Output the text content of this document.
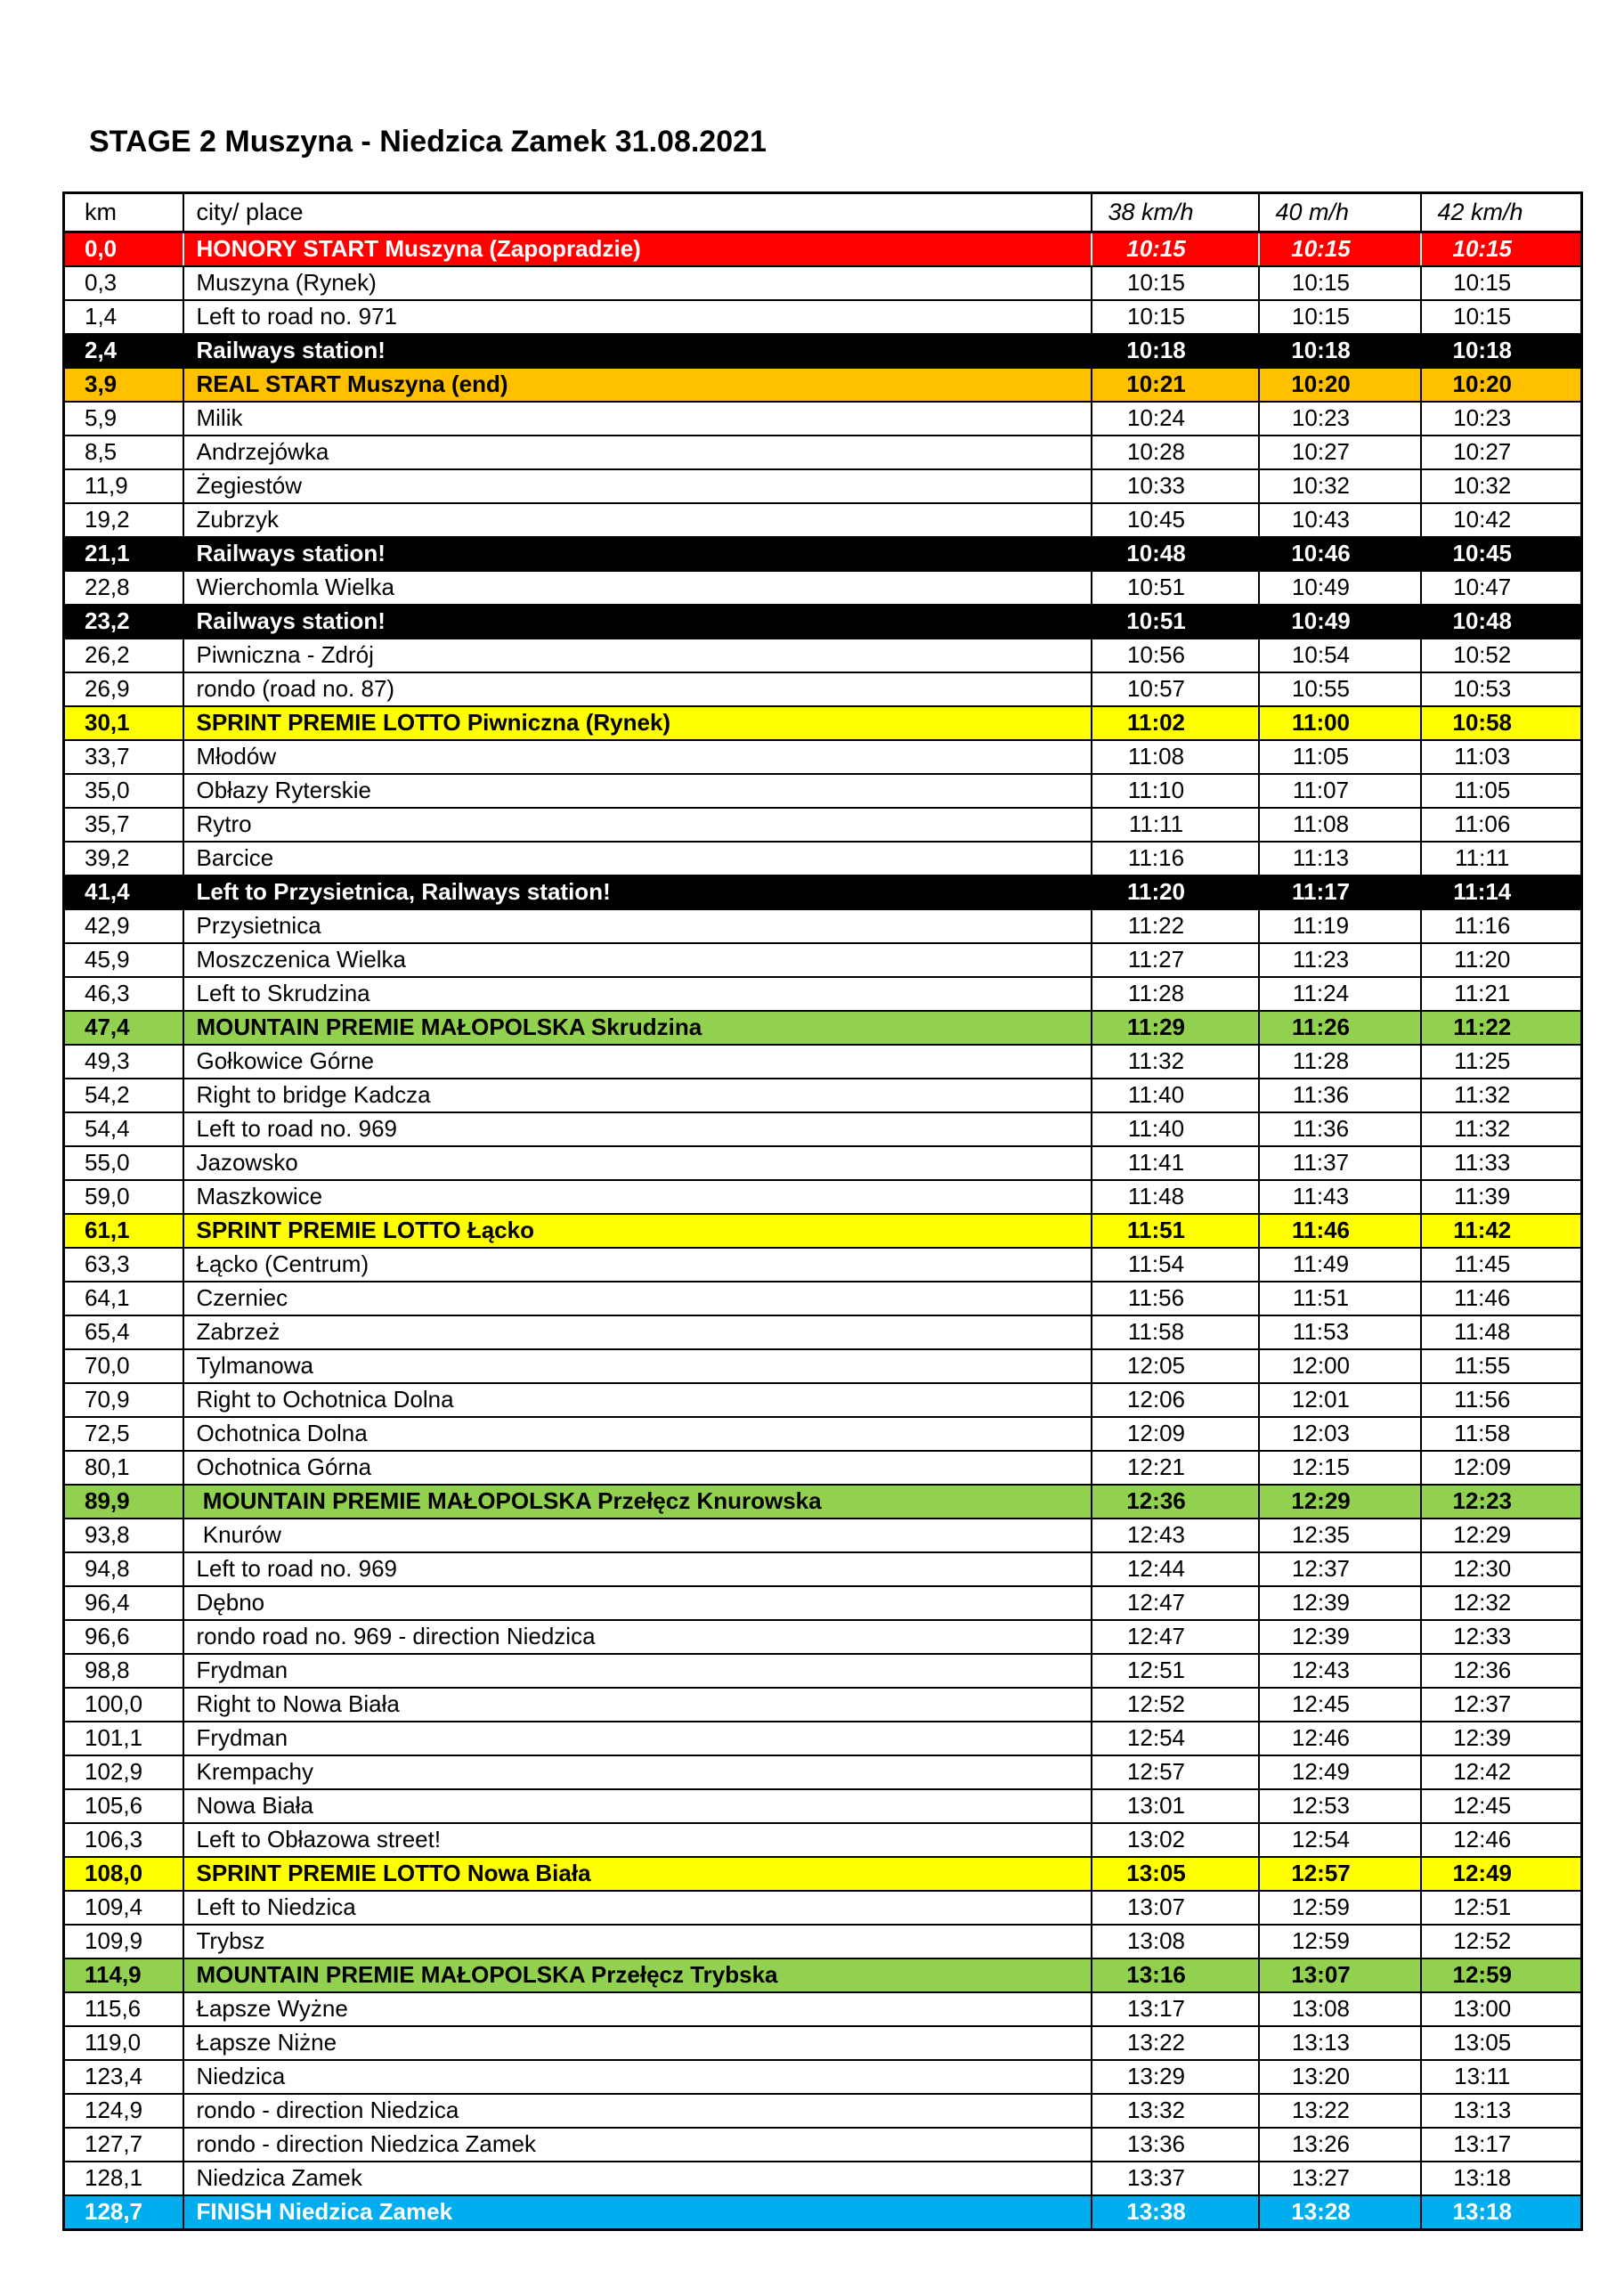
STAGE 2 Muszyna - Niedzica Zamek 31.08.2021
km	city/ place	38 km/h	40 m/h	42 km/h
0,0	HONORY START Muszyna (Zapopradzie)	10:15	10:15	10:15
0,3	Muszyna (Rynek)	10:15	10:15	10:15
1,4	Left to road no. 971	10:15	10:15	10:15
2,4	Railways station!	10:18	10:18	10:18
3,9	REAL START Muszyna (end)	10:21	10:20	10:20
5,9	Milik	10:24	10:23	10:23
8,5	Andrzejówka	10:28	10:27	10:27
11,9	Żegiestów	10:33	10:32	10:32
19,2	Zubrzyk	10:45	10:43	10:42
21,1	Railways station!	10:48	10:46	10:45
22,8	Wierchomla Wielka	10:51	10:49	10:47
23,2	Railways station!	10:51	10:49	10:48
26,2	Piwniczna - Zdrój	10:56	10:54	10:52
26,9	rondo (road no. 87)	10:57	10:55	10:53
30,1	SPRINT PREMIE LOTTO Piwniczna (Rynek)	11:02	11:00	10:58
33,7	Młodów	11:08	11:05	11:03
35,0	Obłazy Ryterskie	11:10	11:07	11:05
35,7	Rytro	11:11	11:08	11:06
39,2	Barcice	11:16	11:13	11:11
41,4	Left to Przysietnica, Railways station!	11:20	11:17	11:14
42,9	Przysietnica	11:22	11:19	11:16
45,9	Moszczenica Wielka	11:27	11:23	11:20
46,3	Left to Skrudzina	11:28	11:24	11:21
47,4	MOUNTAIN PREMIE MAŁOPOLSKA Skrudzina	11:29	11:26	11:22
49,3	Gołkowice Górne	11:32	11:28	11:25
54,2	Right to bridge Kadcza	11:40	11:36	11:32
54,4	Left to road no. 969	11:40	11:36	11:32
55,0	Jazowsko	11:41	11:37	11:33
59,0	Maszkowice	11:48	11:43	11:39
61,1	SPRINT PREMIE LOTTO Łącko	11:51	11:46	11:42
63,3	Łącko (Centrum)	11:54	11:49	11:45
64,1	Czerniec	11:56	11:51	11:46
65,4	Zabrzeż	11:58	11:53	11:48
70,0	Tylmanowa	12:05	12:00	11:55
70,9	Right to Ochotnica Dolna	12:06	12:01	11:56
72,5	Ochotnica Dolna	12:09	12:03	11:58
80,1	Ochotnica Górna	12:21	12:15	12:09
89,9	MOUNTAIN PREMIE MAŁOPOLSKA Przełęcz Knurowska	12:36	12:29	12:23
93,8	Knurów	12:43	12:35	12:29
94,8	Left to road no. 969	12:44	12:37	12:30
96,4	Dębno	12:47	12:39	12:32
96,6	rondo road no. 969 - direction Niedzica	12:47	12:39	12:33
98,8	Frydman	12:51	12:43	12:36
100,0	Right to Nowa Biała	12:52	12:45	12:37
101,1	Frydman	12:54	12:46	12:39
102,9	Krempachy	12:57	12:49	12:42
105,6	Nowa Biała	13:01	12:53	12:45
106,3	Left to Obłazowa street!	13:02	12:54	12:46
108,0	SPRINT PREMIE LOTTO Nowa Biała	13:05	12:57	12:49
109,4	Left to Niedzica	13:07	12:59	12:51
109,9	Trybsz	13:08	12:59	12:52
114,9	MOUNTAIN PREMIE MAŁOPOLSKA Przełęcz Trybska	13:16	13:07	12:59
115,6	Łapsze Wyżne	13:17	13:08	13:00
119,0	Łapsze Niżne	13:22	13:13	13:05
123,4	Niedzica	13:29	13:20	13:11
124,9	rondo - direction Niedzica	13:32	13:22	13:13
127,7	rondo - direction Niedzica Zamek	13:36	13:26	13:17
128,1	Niedzica Zamek	13:37	13:27	13:18
128,7	FINISH Niedzica Zamek	13:38	13:28	13:18
